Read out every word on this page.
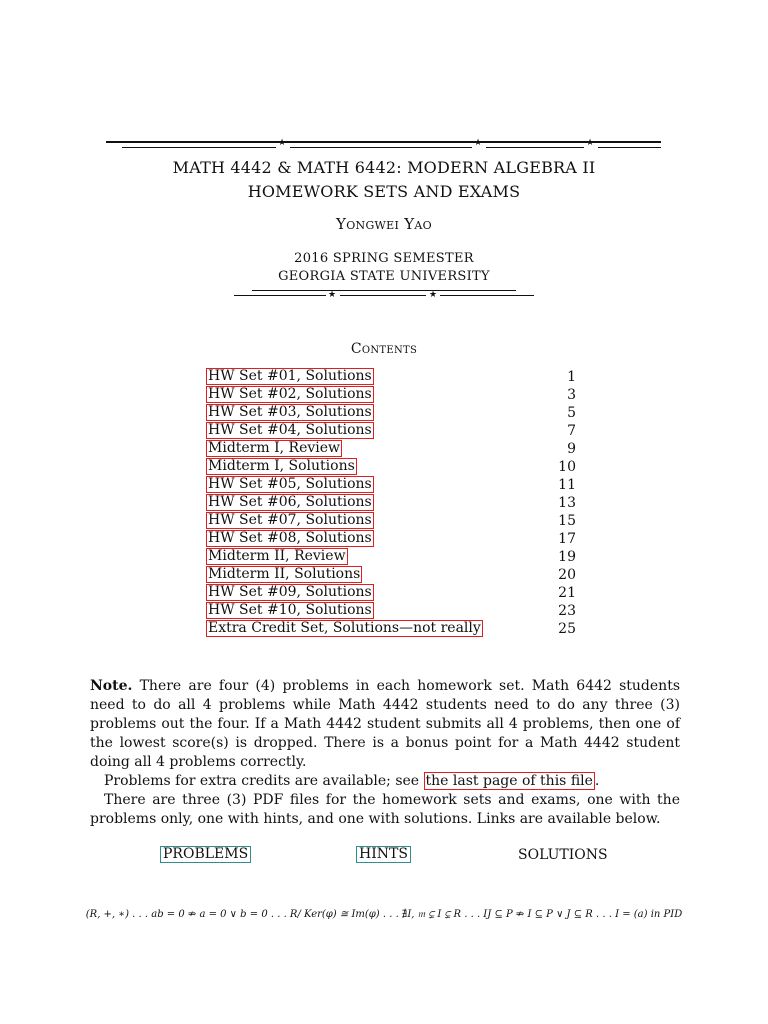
★	★	★
MATH 4442 & MATH 6442: MODERN ALGEBRA II
HOMEWORK SETS AND EXAMS
Yongwei Yao
2016 SPRING SEMESTER
GEORGIA STATE UNIVERSITY
★	★
Contents
HW Set #01, Solutions	1
HW Set #02, Solutions	3
HW Set #03, Solutions	5
HW Set #04, Solutions	7
Midterm I, Review	9
Midterm I, Solutions	10
HW Set #05, Solutions	11
HW Set #06, Solutions	13
HW Set #07, Solutions	15
HW Set #08, Solutions	17
Midterm II, Review	19
Midterm II, Solutions	20
HW Set #09, Solutions	21
HW Set #10, Solutions	23
Extra Credit Set, Solutions—not really	25

Note. There are four (4) problems in each homework set. Math 6442 students need to do all 4 problems while Math 4442 students need to do any three (3) problems out the four. If a Math 4442 student submits all 4 problems, then one of the lowest score(s) is dropped. There is a bonus point for a Math 4442 student doing all 4 problems correctly.

Problems for extra credits are available; see the last page of this file .

There are three (3) PDF files for the homework sets and exams, one with the problems only, one with hints, and one with solutions. Links are available below.

PROBLEMS	HINTS	SOLUTIONS
(R, +, ∗) . . . ab = 0 ⇏ a = 0 ∨ b = 0 . . . R/ Ker(φ) ≅ Im(φ) . . . ∄I, 𝔪 ⊊ I ⊊ R . . . IJ ⊆ P ⇏ I ⊆ P ∨ J ⊆ R . . . I = (a) in PID
